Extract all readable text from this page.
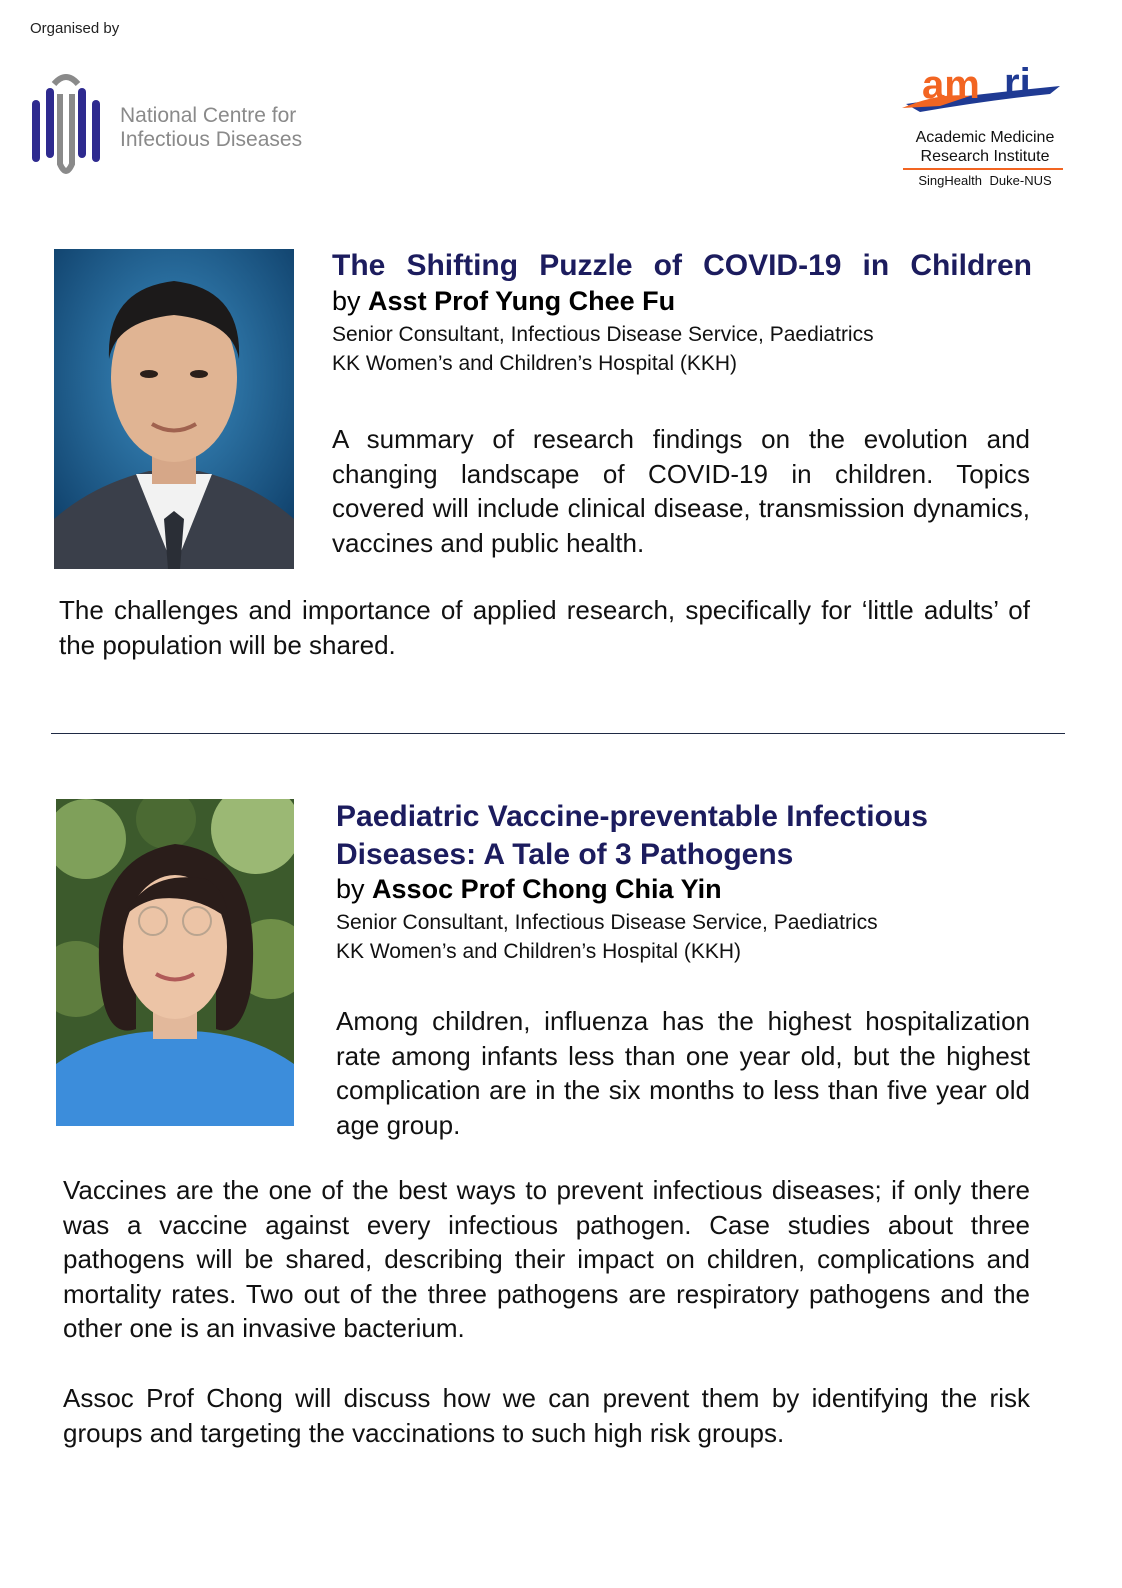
Organised by
National Centre for
Infectious Diseases
am ri
Academic Medicine
Research Institute
SingHealth Duke-NUS
The Shifting Puzzle of COVID-19 in Children
by Asst Prof Yung Chee Fu
Senior Consultant, Infectious Disease Service, Paediatrics
KK Women’s and Children’s Hospital (KKH)
A summary of research findings on the evolution and changing landscape of COVID-19 in children. Topics covered will include clinical disease, transmission dynamics, vaccines and public health.
The challenges and importance of applied research, specifically for ‘little adults’ of the population will be shared.
Paediatric Vaccine-preventable Infectious
Diseases: A Tale of 3 Pathogens
by Assoc Prof Chong Chia Yin
Senior Consultant, Infectious Disease Service, Paediatrics
KK Women’s and Children’s Hospital (KKH)
Among children, influenza has the highest hospitalization rate among infants less than one year old, but the highest complication are in the six months to less than five year old age group.
Vaccines are the one of the best ways to prevent infectious diseases; if only there was a vaccine against every infectious pathogen. Case studies about three pathogens will be shared, describing their impact on children, complications and mortality rates. Two out of the three pathogens are respiratory pathogens and the other one is an invasive bacterium.
Assoc Prof Chong will discuss how we can prevent them by identifying the risk groups and targeting the vaccinations to such high risk groups.
